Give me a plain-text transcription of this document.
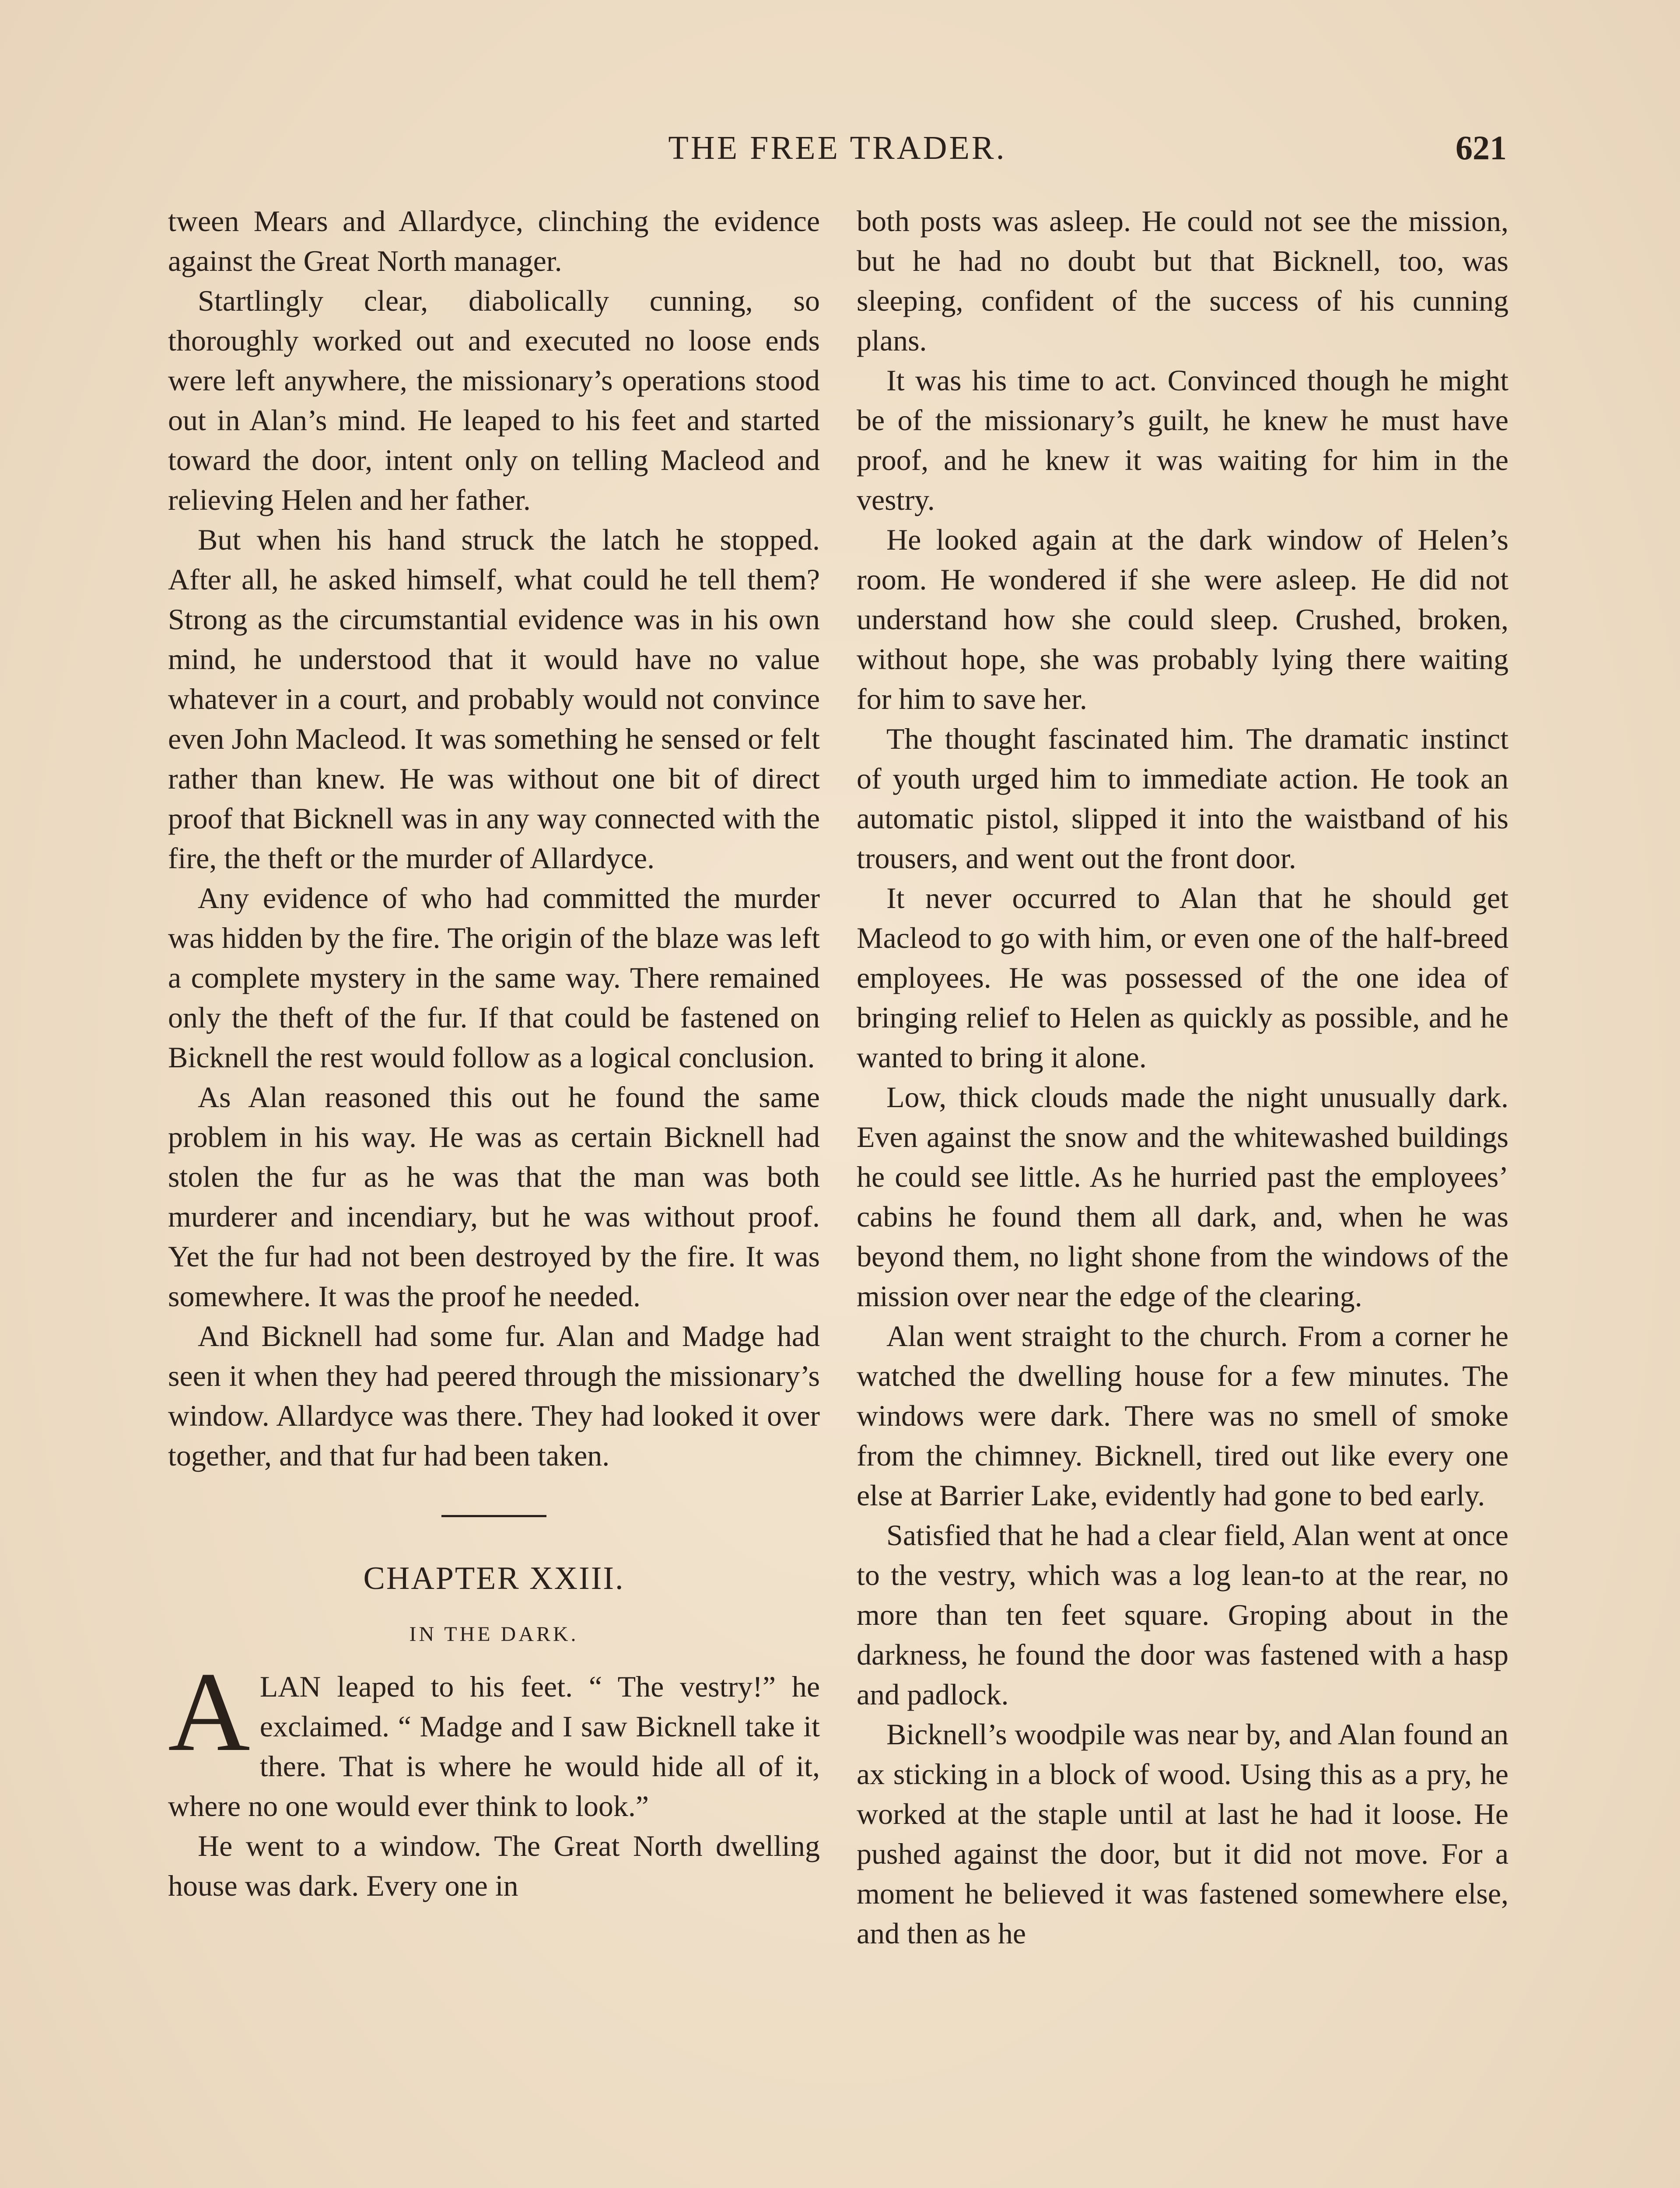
THE FREE TRADER.	621

tween Mears and Allardyce, clinching the evidence against the Great North manager.

Startlingly clear, diabolically cunning, so thoroughly worked out and executed no loose ends were left anywhere, the missionary’s operations stood out in Alan’s mind. He leaped to his feet and started toward the door, intent only on telling Macleod and relieving Helen and her father.

But when his hand struck the latch he stopped. After all, he asked himself, what could he tell them? Strong as the circumstantial evidence was in his own mind, he understood that it would have no value whatever in a court, and probably would not convince even John Macleod. It was something he sensed or felt rather than knew. He was without one bit of direct proof that Bicknell was in any way connected with the fire, the theft or the murder of Allardyce.

Any evidence of who had committed the murder was hidden by the fire. The origin of the blaze was left a complete mystery in the same way. There remained only the theft of the fur. If that could be fastened on Bicknell the rest would follow as a logical conclusion.

As Alan reasoned this out he found the same problem in his way. He was as certain Bicknell had stolen the fur as he was that the man was both murderer and incendiary, but he was without proof. Yet the fur had not been destroyed by the fire. It was somewhere. It was the proof he needed.

And Bicknell had some fur. Alan and Madge had seen it when they had peered through the missionary’s window. Allardyce was there. They had looked it over together, and that fur had been taken.

CHAPTER XXIII.
IN THE DARK.

ALAN leaped to his feet. “ The vestry!” he exclaimed. “ Madge and I saw Bicknell take it there. That is where he would hide all of it, where no one would ever think to look.”

He went to a window. The Great North dwelling house was dark. Every one in

both posts was asleep. He could not see the mission, but he had no doubt but that Bicknell, too, was sleeping, confident of the success of his cunning plans.

It was his time to act. Convinced though he might be of the missionary’s guilt, he knew he must have proof, and he knew it was waiting for him in the vestry.

He looked again at the dark window of Helen’s room. He wondered if she were asleep. He did not understand how she could sleep. Crushed, broken, without hope, she was probably lying there waiting for him to save her.

The thought fascinated him. The dramatic instinct of youth urged him to immediate action. He took an automatic pistol, slipped it into the waistband of his trousers, and went out the front door.

It never occurred to Alan that he should get Macleod to go with him, or even one of the half-breed employees. He was possessed of the one idea of bringing relief to Helen as quickly as possible, and he wanted to bring it alone.

Low, thick clouds made the night unusually dark. Even against the snow and the whitewashed buildings he could see little. As he hurried past the employees’ cabins he found them all dark, and, when he was beyond them, no light shone from the windows of the mission over near the edge of the clearing.

Alan went straight to the church. From a corner he watched the dwelling house for a few minutes. The windows were dark. There was no smell of smoke from the chimney. Bicknell, tired out like every one else at Barrier Lake, evidently had gone to bed early.

Satisfied that he had a clear field, Alan went at once to the vestry, which was a log lean-to at the rear, no more than ten feet square. Groping about in the darkness, he found the door was fastened with a hasp and padlock.

Bicknell’s woodpile was near by, and Alan found an ax sticking in a block of wood. Using this as a pry, he worked at the staple until at last he had it loose. He pushed against the door, but it did not move. For a moment he believed it was fastened somewhere else, and then as he
